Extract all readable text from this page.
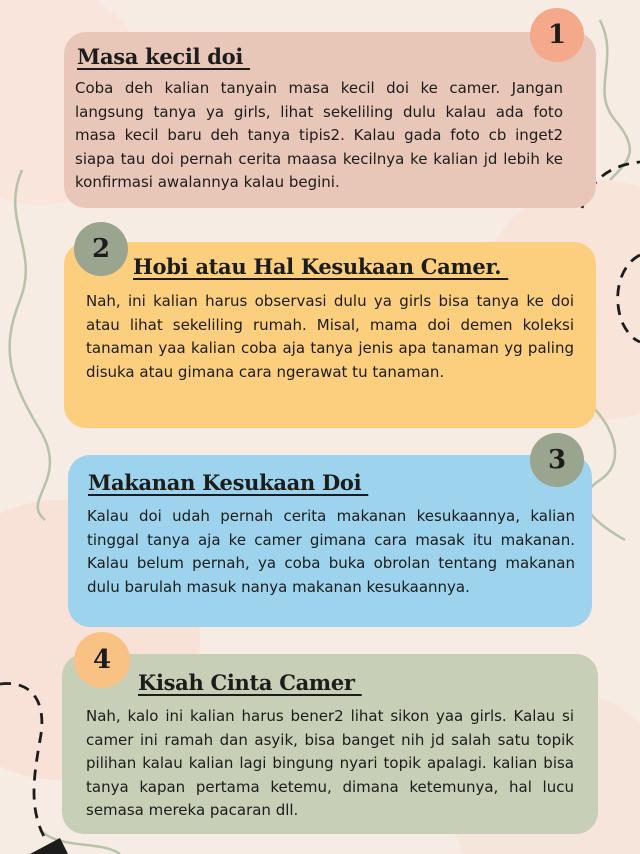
Masa kecil doi

Coba deh kalian tanyain masa kecil doi ke camer. Jangan langsung tanya ya girls, lihat sekeliling dulu kalau ada foto masa kecil baru deh tanya tipis2. Kalau gada foto cb inget2 siapa tau doi pernah cerita maasa kecilnya ke kalian jd lebih ke konfirmasi awalannya kalau begini.

1
Hobi atau Hal Kesukaan Camer.

Nah, ini kalian harus observasi dulu ya girls bisa tanya ke doi atau lihat sekeliling rumah. Misal, mama doi demen koleksi tanaman yaa kalian coba aja tanya jenis apa tanaman yg paling disuka atau gimana cara ngerawat tu tanaman.

2
Makanan Kesukaan Doi

Kalau doi udah pernah cerita makanan kesukaannya, kalian tinggal tanya aja ke camer gimana cara masak itu makanan. Kalau belum pernah, ya coba buka obrolan tentang makanan dulu barulah masuk nanya makanan kesukaannya.

3
Kisah Cinta Camer

Nah, kalo ini kalian harus bener2 lihat sikon yaa girls. Kalau si camer ini ramah dan asyik, bisa banget nih jd salah satu topik pilihan kalau kalian lagi bingung nyari topik apalagi. kalian bisa tanya kapan pertama ketemu, dimana ketemunya, hal lucu semasa mereka pacaran dll.

4
